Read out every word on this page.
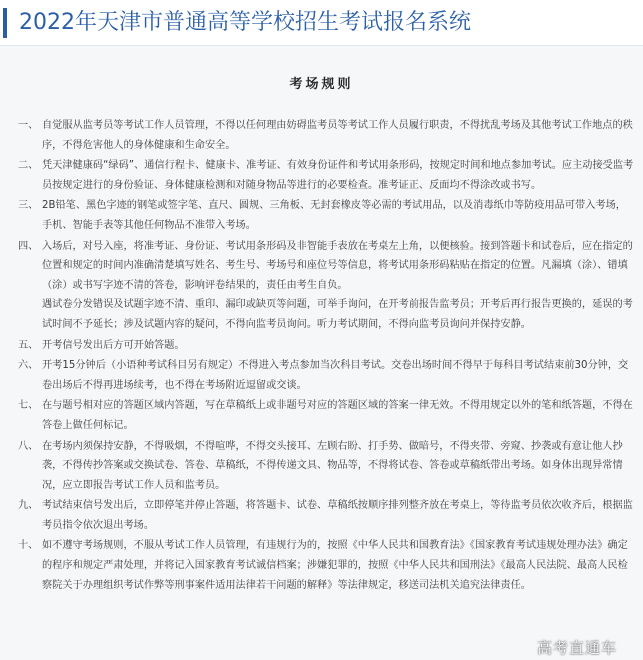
2022年天津市普通高等学校招生考试报名系统
考场规则
一、 自觉服从监考员等考试工作人员管理，不得以任何理由妨碍监考员等考试工作人员履行职责，不得扰乱考场及其他考试工作地点的秩序，不得危害他人的身体健康和生命安全。

二、 凭天津健康码“绿码”、通信行程卡、健康卡、准考证、有效身份证件和考试用条形码，按规定时间和地点参加考试。应主动接受监考员按规定进行的身份验证、身体健康检测和对随身物品等进行的必要检查。准考证正、反面均不得涂改或书写。

三、 2B铅笔、黑色字迹的钢笔或签字笔、直尺、圆规、三角板、无封套橡皮等必需的考试用品，以及消毒纸巾等防疫用品可带入考场，手机、智能手表等其他任何物品不准带入考场。

四、 入场后，对号入座，将准考证、身份证、考试用条形码及非智能手表放在考桌左上角，以便核验。接到答题卡和试卷后，应在指定的位置和规定的时间内准确清楚填写姓名、考生号、考场号和座位号等信息，将考试用条形码粘贴在指定的位置。凡漏填（涂）、错填（涂）或书写字迹不清的答卷，影响评卷结果的，责任由考生自负。

遇试卷分发错误及试题字迹不清、重印、漏印或缺页等问题，可举手询问，在开考前报告监考员；开考后再行报告更换的，延误的考试时间不予延长；涉及试题内容的疑问，不得向监考员询问。听力考试期间，不得向监考员询问并保持安静。

五、 开考信号发出后方可开始答题。

六、 开考15分钟后（小语种考试科目另有规定）不得进入考点参加当次科目考试。交卷出场时间不得早于每科目考试结束前30分钟，交卷出场后不得再进场续考，也不得在考场附近逗留或交谈。

七、 在与题号相对应的答题区域内答题，写在草稿纸上或非题号对应的答题区域的答案一律无效。不得用规定以外的笔和纸答题，不得在答卷上做任何标记。

八、 在考场内须保持安静，不得吸烟，不得喧哗，不得交头接耳、左顾右盼、打手势、做暗号，不得夹带、旁窥、抄袭或有意让他人抄袭，不得传抄答案或交换试卷、答卷、草稿纸，不得传递文具、物品等，不得将试卷、答卷或草稿纸带出考场。如身体出现异常情况，应立即报告考试工作人员和监考员。

九、 考试结束信号发出后，立即停笔并停止答题，将答题卡、试卷、草稿纸按顺序排列整齐放在考桌上，等待监考员依次收齐后，根据监考员指令依次退出考场。

十、 如不遵守考场规则，不服从考试工作人员管理，有违规行为的，按照《中华人民共和国教育法》《国家教育考试违规处理办法》确定的程序和规定严肃处理，并将记入国家教育考试诚信档案；涉嫌犯罪的，按照《中华人民共和国刑法》《最高人民法院、最高人民检察院关于办理组织考试作弊等刑事案件适用法律若干问题的解释》等法律规定，移送司法机关追究法律责任。

高考直通车
